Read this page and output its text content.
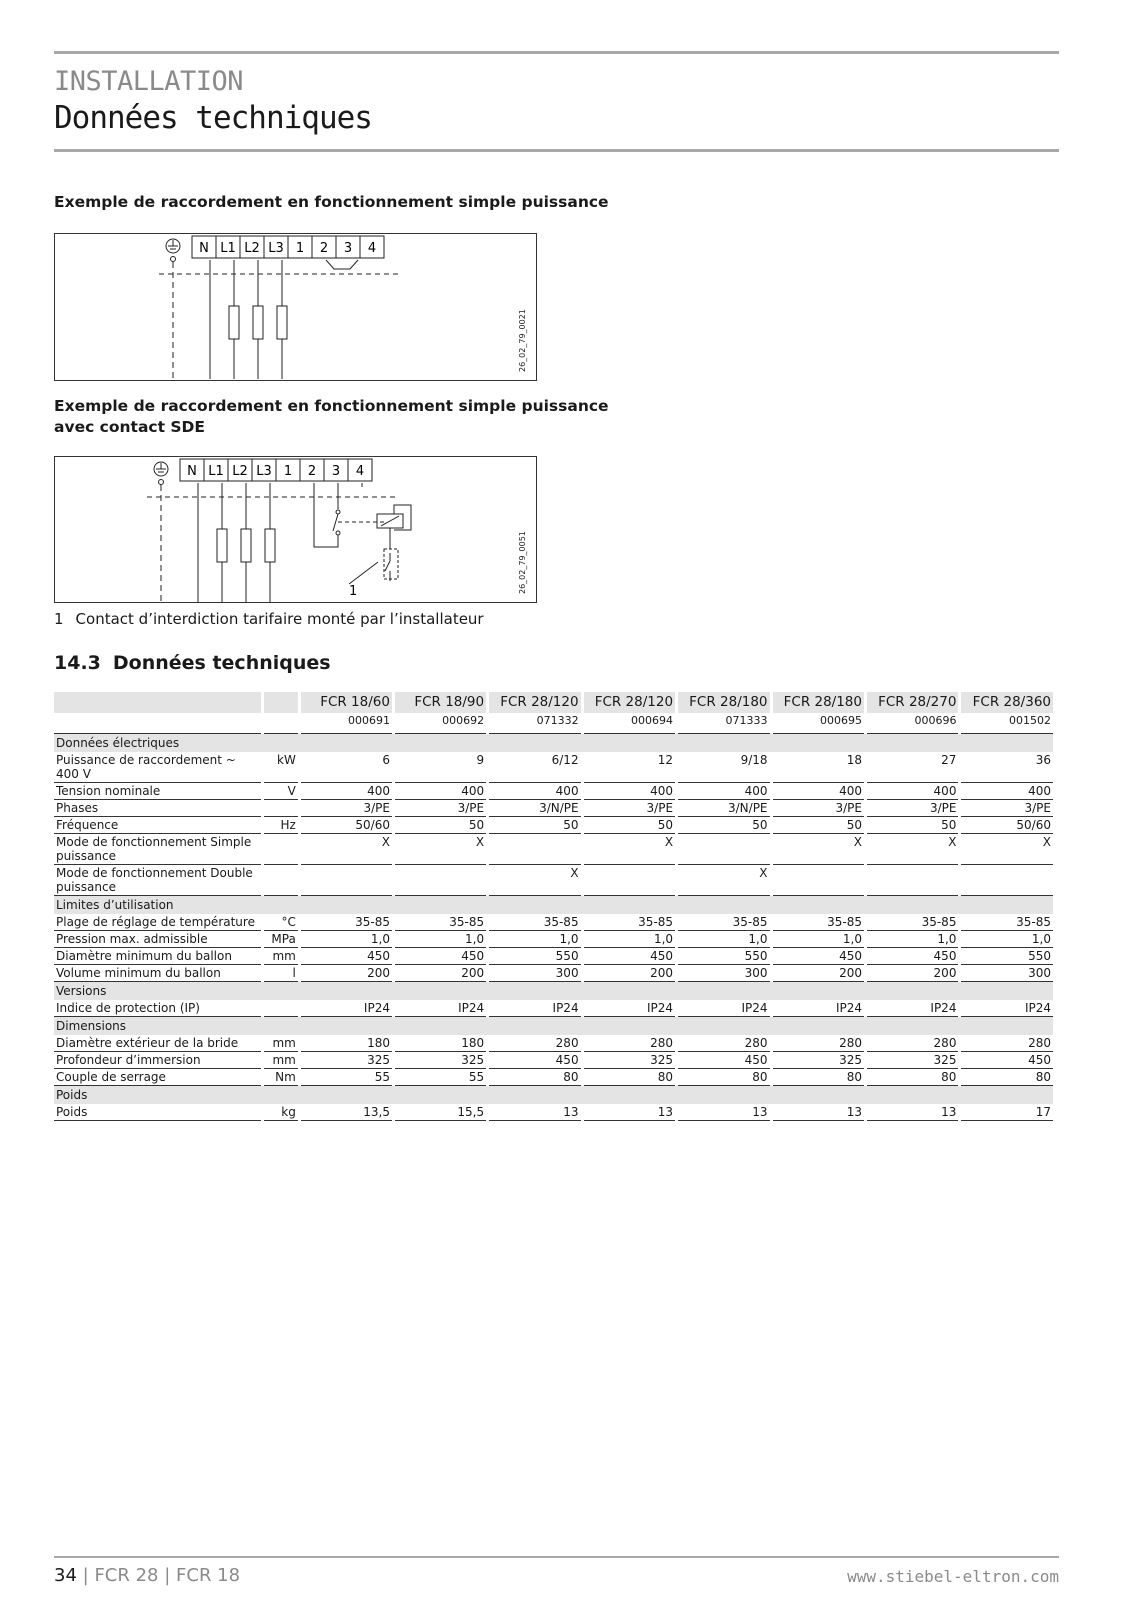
INSTALLATION
Données techniques
Exemple de raccordement en fonctionnement simple puissance
N L1 L2 L3 1 2 3 4
26_02_79_0021
Exemple de raccordement en fonctionnement simple puissance
avec contact SDE
N L1 L2 L3 1 2 3 4
1	26_02_79_0051
1 Contact d’interdiction tarifaire monté par l’installateur
14.3 Données techniques
		FCR 18/60	FCR 18/90	FCR 28/120	FCR 28/120	FCR 28/180	FCR 28/180	FCR 28/270	FCR 28/360
		000691	000692	071332	000694	071333	000695	000696	001502
Données électriques									
Puissance de raccordement ~ 400 V	kW	6	9	6/12	12	9/18	18	27	36
Tension nominale	V	400	400	400	400	400	400	400	400
Phases		3/PE	3/PE	3/N/PE	3/PE	3/N/PE	3/PE	3/PE	3/PE
Fréquence	Hz	50/60	50	50	50	50	50	50	50/60
Mode de fonctionnement Simple puissance		X	X		X		X	X	X
Mode de fonctionnement Double puissance				X		X			
Limites d’utilisation									
Plage de réglage de température	°C	35-85	35-85	35-85	35-85	35-85	35-85	35-85	35-85
Pression max. admissible	MPa	1,0	1,0	1,0	1,0	1,0	1,0	1,0	1,0
Diamètre minimum du ballon	mm	450	450	550	450	550	450	450	550
Volume minimum du ballon	l	200	200	300	200	300	200	200	300
Versions									
Indice de protection (IP)		IP24	IP24	IP24	IP24	IP24	IP24	IP24	IP24
Dimensions									
Diamètre extérieur de la bride	mm	180	180	280	280	280	280	280	280
Profondeur d’immersion	mm	325	325	450	325	450	325	325	450
Couple de serrage	Nm	55	55	80	80	80	80	80	80
Poids									
Poids	kg	13,5	15,5	13	13	13	13	13	17
34 | FCR 28 | FCR 18	www.stiebel-eltron.com
